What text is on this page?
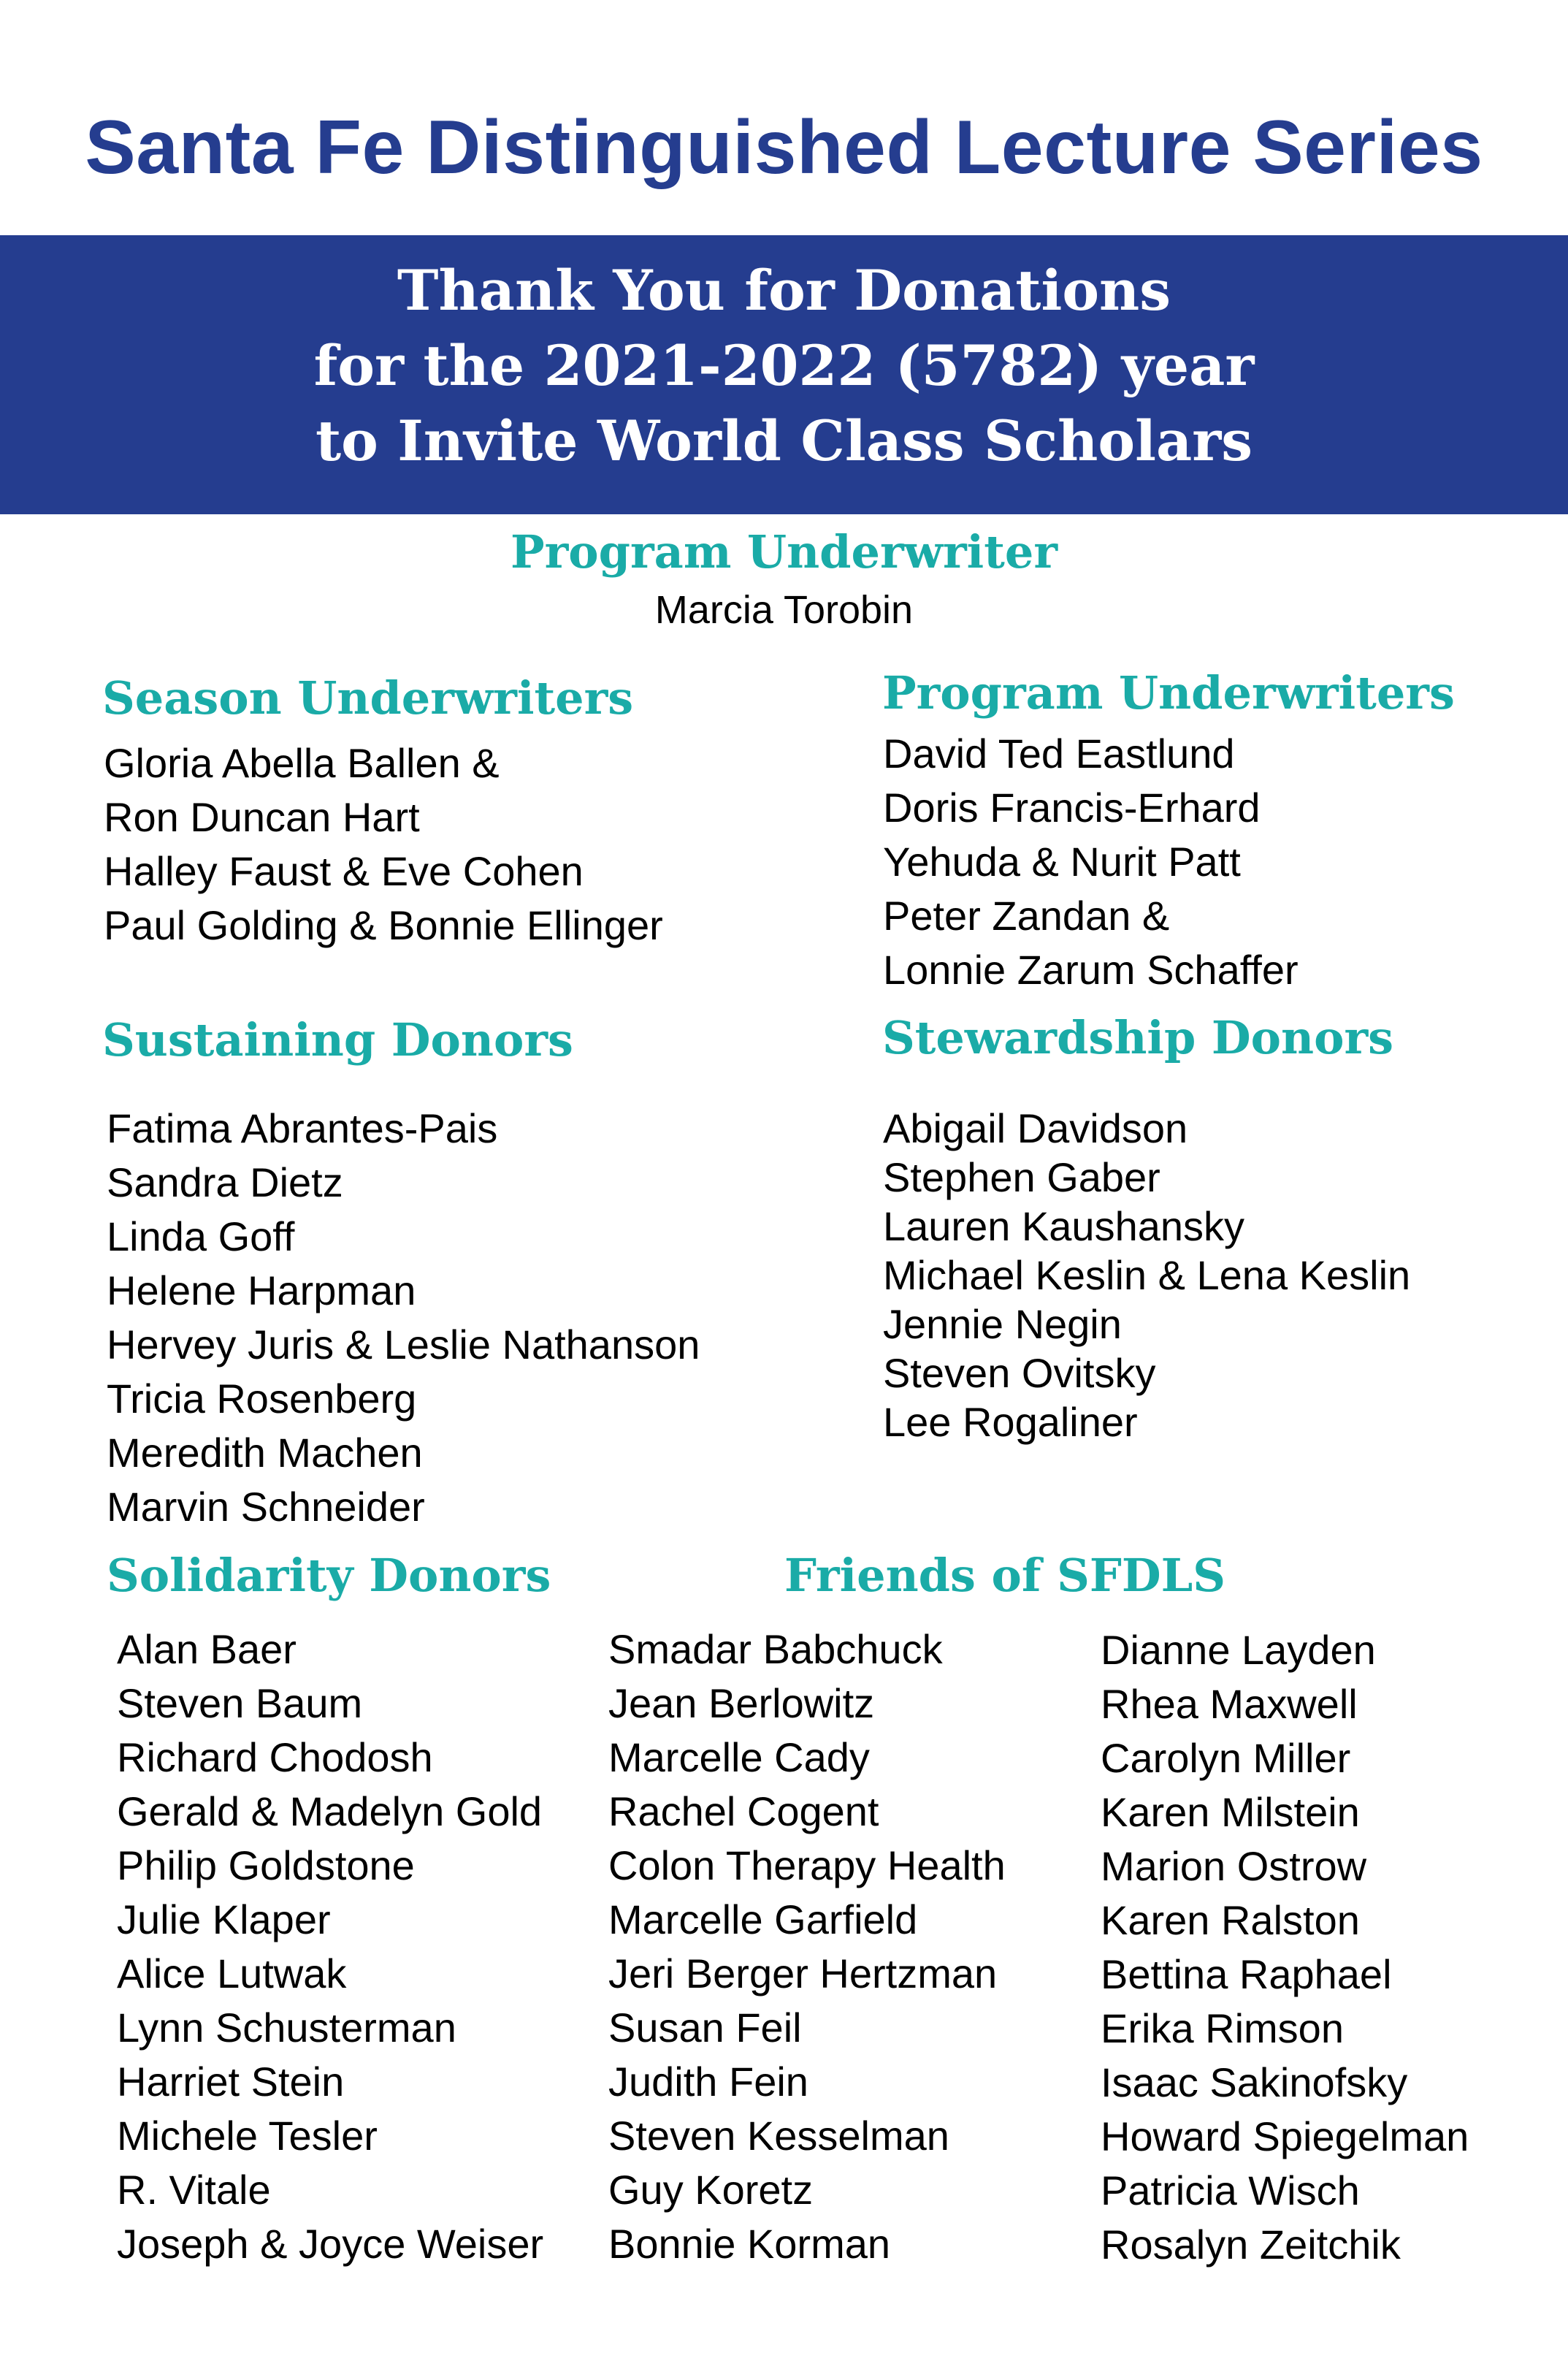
Santa Fe Distinguished Lecture Series
Thank You for Donations
for the 2021-2022 (5782) year
to Invite World Class Scholars
Program Underwriter
Marcia Torobin
Season Underwriters
Gloria Abella Ballen &
Ron Duncan Hart
Halley Faust & Eve Cohen
Paul Golding & Bonnie Ellinger
Program Underwriters
David Ted Eastlund
Doris Francis-Erhard
Yehuda & Nurit Patt
Peter Zandan &
Lonnie Zarum Schaffer
Sustaining Donors
Fatima Abrantes-Pais
Sandra Dietz
Linda Goff
Helene Harpman
Hervey Juris & Leslie Nathanson
Tricia Rosenberg
Meredith Machen
Marvin Schneider
Stewardship Donors
Abigail Davidson
Stephen Gaber
Lauren Kaushansky
Michael Keslin & Lena Keslin
Jennie Negin
Steven Ovitsky
Lee Rogaliner
Solidarity Donors
Alan Baer
Steven Baum
Richard Chodosh
Gerald & Madelyn Gold
Philip Goldstone
Julie Klaper
Alice Lutwak
Lynn Schusterman
Harriet Stein
Michele Tesler
R. Vitale
Joseph & Joyce Weiser
Friends of SFDLS
Smadar Babchuck
Jean Berlowitz
Marcelle Cady
Rachel Cogent
Colon Therapy Health
Marcelle Garfield
Jeri Berger Hertzman
Susan Feil
Judith Fein
Steven Kesselman
Guy Koretz
Bonnie Korman
Dianne Layden
Rhea Maxwell
Carolyn Miller
Karen Milstein
Marion Ostrow
Karen Ralston
Bettina Raphael
Erika Rimson
Isaac Sakinofsky
Howard Spiegelman
Patricia Wisch
Rosalyn Zeitchik
